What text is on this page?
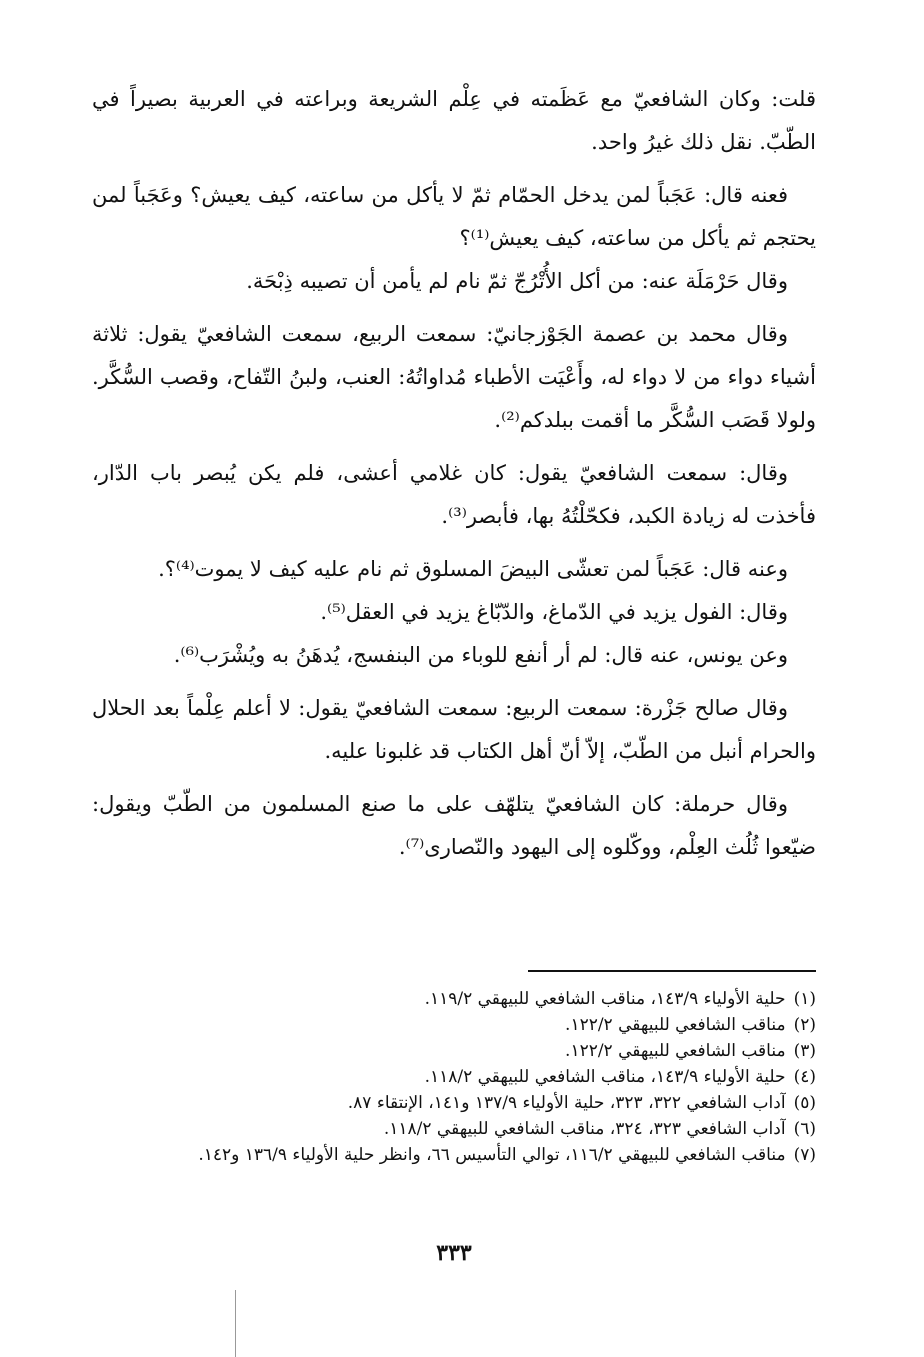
قلت: وكان الشافعيّ مع عَظَمته في عِلْم الشريعة وبراعته في العربية بصيراً في الطّبّ. نقل ذلك غيرُ واحد.

فعنه قال: عَجَباً لمن يدخل الحمّام ثمّ لا يأكل من ساعته، كيف يعيش؟ وعَجَباً لمن يحتجم ثم يأكل من ساعته، كيف يعيش⁽¹⁾؟

وقال حَرْمَلَة عنه: من أكل الأُتْرُجّ ثمّ نام لم يأمن أن تصيبه ذِبْحَة.

وقال محمد بن عصمة الجَوْزجانيّ: سمعت الربيع، سمعت الشافعيّ يقول: ثلاثة أشياء دواء من لا دواء له، وأَعْيَت الأطباء مُداواتُهُ: العنب، ولبنُ التّفاح، وقصب السُّكَّر. ولولا قَصَب السُّكَّر ما أقمت ببلدكم⁽²⁾.

وقال: سمعت الشافعيّ يقول: كان غلامي أعشى، فلم يكن يُبصر باب الدّار، فأخذت له زيادة الكبد، فكحّلْتُهُ بها، فأبصر⁽³⁾.

وعنه قال: عَجَباً لمن تعشّى البيضَ المسلوق ثم نام عليه كيف لا يموت⁽⁴⁾؟.

وقال: الفول يزيد في الدّماغ، والدّبّاغ يزيد في العقل⁽⁵⁾.

وعن يونس، عنه قال: لم أر أنفع للوباء من البنفسج، يُدهَنُ به ويُشْرَب⁽⁶⁾.

وقال صالح جَزْرة: سمعت الربيع: سمعت الشافعيّ يقول: لا أعلم عِلْماً بعد الحلال والحرام أنبل من الطّبّ، إلاّ أنّ أهل الكتاب قد غلبونا عليه.

وقال حرملة: كان الشافعيّ يتلهّف على ما صنع المسلمون من الطّبّ ويقول: ضيّعوا ثُلُث العِلْم، ووكّلوه إلى اليهود والنّصارى⁽⁷⁾.

(١)
حلية الأولياء ١٤٣/٩، مناقب الشافعي للبيهقي ١١٩/٢.
(٢)
مناقب الشافعي للبيهقي ١٢٢/٢.
(٣)
مناقب الشافعي للبيهقي ١٢٢/٢.
(٤)
حلية الأولياء ١٤٣/٩، مناقب الشافعي للبيهقي ١١٨/٢.
(٥)
آداب الشافعي ٣٢٢، ٣٢٣، حلية الأولياء ١٣٧/٩ و١٤١، الإنتقاء ٨٧.
(٦)
آداب الشافعي ٣٢٣، ٣٢٤، مناقب الشافعي للبيهقي ١١٨/٢.
(٧)
مناقب الشافعي للبيهقي ١١٦/٢، توالي التأسيس ٦٦، وانظر حلية الأولياء ١٣٦/٩ و١٤٢.
٣٣٣
